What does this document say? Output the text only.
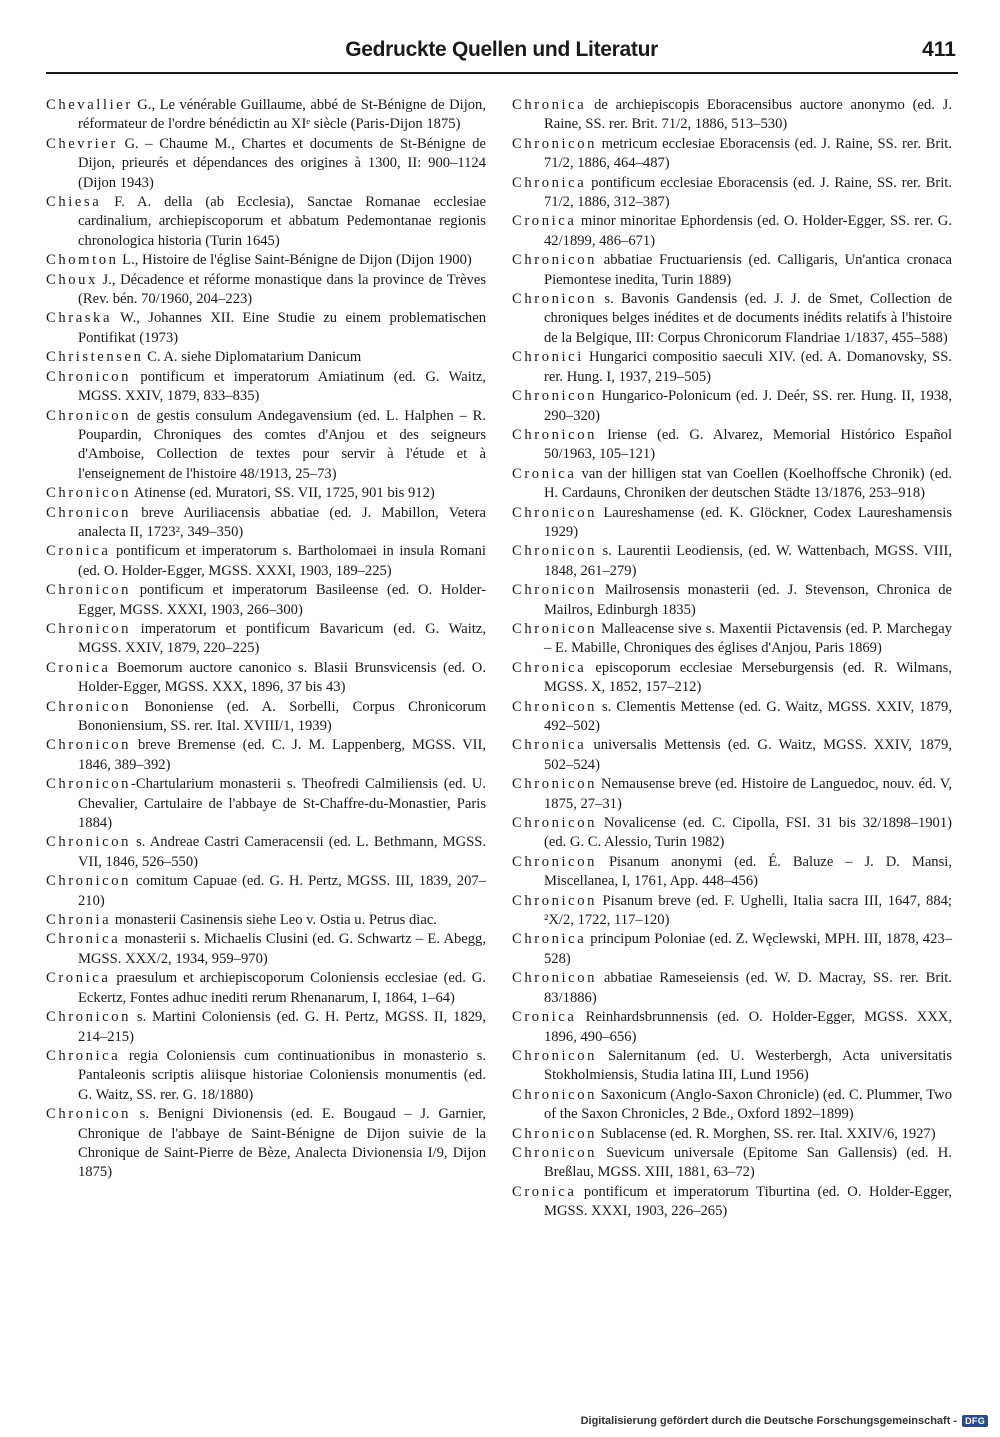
Gedruckte Quellen und Literatur	411

Chevallier G., Le vénérable Guillaume, abbé de St-Bénigne de Dijon, réformateur de l'ordre bénédictin au XIᵉ siècle (Paris-Dijon 1875)

Chevrier G. – Chaume M., Chartes et documents de St-Bénigne de Dijon, prieurés et dépendances des origines à 1300, II: 900–1124 (Dijon 1943)

Chiesa F. A. della (ab Ecclesia), Sanctae Romanae ecclesiae cardinalium, archiepiscoporum et abbatum Pedemontanae regionis chronologica historia (Turin 1645)

Chomton L., Histoire de l'église Saint-Bénigne de Dijon (Dijon 1900)

Choux J., Décadence et réforme monastique dans la province de Trèves (Rev. bén. 70/1960, 204–223)

Chraska W., Johannes XII. Eine Studie zu einem problematischen Pontifikat (1973)

Christensen C. A. siehe Diplomatarium Danicum

Chronicon pontificum et imperatorum Amiatinum (ed. G. Waitz, MGSS. XXIV, 1879, 833–835)

Chronicon de gestis consulum Andegavensium (ed. L. Halphen – R. Poupardin, Chroniques des comtes d'Anjou et des seigneurs d'Amboise, Collection de textes pour servir à l'étude et à l'enseignement de l'histoire 48/1913, 25–73)

Chronicon Atinense (ed. Muratori, SS. VII, 1725, 901 bis 912)

Chronicon breve Auriliacensis abbatiae (ed. J. Mabillon, Vetera analecta II, 1723², 349–350)

Cronica pontificum et imperatorum s. Bartholomaei in insula Romani (ed. O. Holder-Egger, MGSS. XXXI, 1903, 189–225)

Chronicon pontificum et imperatorum Basileense (ed. O. Holder-Egger, MGSS. XXXI, 1903, 266–300)

Chronicon imperatorum et pontificum Bavaricum (ed. G. Waitz, MGSS. XXIV, 1879, 220–225)

Cronica Boemorum auctore canonico s. Blasii Brunsvicensis (ed. O. Holder-Egger, MGSS. XXX, 1896, 37 bis 43)

Chronicon Bononiense (ed. A. Sorbelli, Corpus Chronicorum Bononiensium, SS. rer. Ital. XVIII/1, 1939)

Chronicon breve Bremense (ed. C. J. M. Lappenberg, MGSS. VII, 1846, 389–392)

Chronicon-Chartularium monasterii s. Theofredi Calmiliensis (ed. U. Chevalier, Cartulaire de l'abbaye de St-Chaffre-du-Monastier, Paris 1884)

Chronicon s. Andreae Castri Cameracensii (ed. L. Bethmann, MGSS. VII, 1846, 526–550)

Chronicon comitum Capuae (ed. G. H. Pertz, MGSS. III, 1839, 207–210)

Chronia monasterii Casinensis siehe Leo v. Ostia u. Petrus diac.

Chronica monasterii s. Michaelis Clusini (ed. G. Schwartz – E. Abegg, MGSS. XXX/2, 1934, 959–970)

Cronica praesulum et archiepiscoporum Coloniensis ecclesiae (ed. G. Eckertz, Fontes adhuc inediti rerum Rhenanarum, I, 1864, 1–64)

Chronicon s. Martini Coloniensis (ed. G. H. Pertz, MGSS. II, 1829, 214–215)

Chronica regia Coloniensis cum continuationibus in monasterio s. Pantaleonis scriptis aliisque historiae Coloniensis monumentis (ed. G. Waitz, SS. rer. G. 18/1880)

Chronicon s. Benigni Divionensis (ed. E. Bougaud – J. Garnier, Chronique de l'abbaye de Saint-Bénigne de Dijon suivie de la Chronique de Saint-Pierre de Bèze, Analecta Divionensia I/9, Dijon 1875)

Chronica de archiepiscopis Eboracensibus auctore anonymo (ed. J. Raine, SS. rer. Brit. 71/2, 1886, 513–530)

Chronicon metricum ecclesiae Eboracensis (ed. J. Raine, SS. rer. Brit. 71/2, 1886, 464–487)

Chronica pontificum ecclesiae Eboracensis (ed. J. Raine, SS. rer. Brit. 71/2, 1886, 312–387)

Cronica minor minoritae Ephordensis (ed. O. Holder-Egger, SS. rer. G. 42/1899, 486–671)

Chronicon abbatiae Fructuariensis (ed. Calligaris, Un'antica cronaca Piemontese inedita, Turin 1889)

Chronicon s. Bavonis Gandensis (ed. J. J. de Smet, Collection de chroniques belges inédites et de documents inédits relatifs à l'histoire de la Belgique, III: Corpus Chronicorum Flandriae 1/1837, 455–588)

Chronici Hungarici compositio saeculi XIV. (ed. A. Domanovsky, SS. rer. Hung. I, 1937, 219–505)

Chronicon Hungarico-Polonicum (ed. J. Deér, SS. rer. Hung. II, 1938, 290–320)

Chronicon Iriense (ed. G. Alvarez, Memorial Histórico Español 50/1963, 105–121)

Cronica van der hilligen stat van Coellen (Koelhoffsche Chronik) (ed. H. Cardauns, Chroniken der deutschen Städte 13/1876, 253–918)

Chronicon Laureshamense (ed. K. Glöckner, Codex Laureshamensis 1929)

Chronicon s. Laurentii Leodiensis, (ed. W. Wattenbach, MGSS. VIII, 1848, 261–279)

Chronicon Mailrosensis monasterii (ed. J. Stevenson, Chronica de Mailros, Edinburgh 1835)

Chronicon Malleacense sive s. Maxentii Pictavensis (ed. P. Marchegay – E. Mabille, Chroniques des églises d'Anjou, Paris 1869)

Chronica episcoporum ecclesiae Merseburgensis (ed. R. Wilmans, MGSS. X, 1852, 157–212)

Chronicon s. Clementis Mettense (ed. G. Waitz, MGSS. XXIV, 1879, 492–502)

Chronica universalis Mettensis (ed. G. Waitz, MGSS. XXIV, 1879, 502–524)

Chronicon Nemausense breve (ed. Histoire de Languedoc, nouv. éd. V, 1875, 27–31)

Chronicon Novalicense (ed. C. Cipolla, FSI. 31 bis 32/1898–1901) (ed. G. C. Alessio, Turin 1982)

Chronicon Pisanum anonymi (ed. É. Baluze – J. D. Mansi, Miscellanea, I, 1761, App. 448–456)

Chronicon Pisanum breve (ed. F. Ughelli, Italia sacra III, 1647, 884; ²X/2, 1722, 117–120)

Chronica principum Poloniae (ed. Z. Węclewski, MPH. III, 1878, 423–528)

Chronicon abbatiae Rameseiensis (ed. W. D. Macray, SS. rer. Brit. 83/1886)

Cronica Reinhardsbrunnensis (ed. O. Holder-Egger, MGSS. XXX, 1896, 490–656)

Chronicon Salernitanum (ed. U. Westerbergh, Acta universitatis Stokholmiensis, Studia latina III, Lund 1956)

Chronicon Saxonicum (Anglo-Saxon Chronicle) (ed. C. Plummer, Two of the Saxon Chronicles, 2 Bde., Oxford 1892–1899)

Chronicon Sublacense (ed. R. Morghen, SS. rer. Ital. XXIV/6, 1927)

Chronicon Suevicum universale (Epitome San Gallensis) (ed. H. Breßlau, MGSS. XIII, 1881, 63–72)

Cronica pontificum et imperatorum Tiburtina (ed. O. Holder-Egger, MGSS. XXXI, 1903, 226–265)

Digitalisierung gefördert durch die Deutsche Forschungsgemeinschaft - DFG
